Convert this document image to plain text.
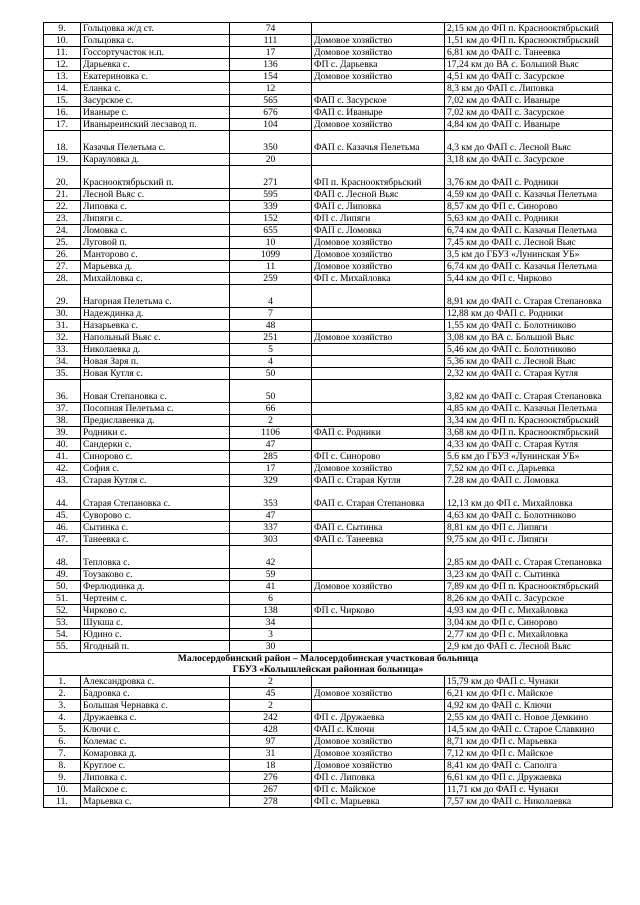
9.	Гольцовка ж/д ст.	74		2,15 км до ФП п. Краснооктябрьский
10.	Гольцовка с.	111	Домовое хозяйство	1,51 км до ФП п. Краснооктябрьский
11.	Госсортучасток н.п.	17	Домовое хозяйство	6,81 км до ФАП с. Танеевка
12.	Дарьевка с.	136	ФП с. Дарьевка	17,24 км до ВА с. Большой Вьяс
13.	Екатериновка с.	154	Домовое хозяйство	4,51 км до ФАП с. Засурское
14.	Еланка с.	12		8,3 км до ФАП с. Липовка
15.	Засурское с.	565	ФАП с. Засурское	7,02 км до ФАП с. Иваныре
16.	Иваныре с.	676	ФАП с. Иваныре	7,02 км до ФАП с. Засурское
17.	Иваныреинский лесзавод п.	104	Домовое хозяйство	4,84 км до ФАП с. Иваныре
18.	Казачья Пелетьма с.	350	ФАП с. Казачья Пелетьма	4,3 км до ФАП с. Лесной Вьяс
19.	Карауловка д.	20		3,18 км до ФАП с. Засурское
20.	Краснооктябрьский п.	271	ФП п. Краснооктябрьский	3,76 км до ФАП с. Родники
21.	Лесной Вьяс с.	595	ФАП с. Лесной Вьяс	4,59 км до ФАП с. Казачья Пелетьма
22.	Липовка с.	339	ФАП с. Липовка	8,57 км до ФП с. Синорово
23.	Липяги с.	152	ФП с. Липяги	5,63 км до ФАП с. Родники
24.	Ломовка с.	655	ФАП с. Ломовка	6,74 км до ФАП с. Казачья Пелетьма
25.	Луговой п.	10	Домовое хозяйство	7,45 км до ФАП с. Лесной Вьяс
26.	Манторово с.	1099	Домовое хозяйство	3,5 км до ГБУЗ «Лунинская УБ»
27.	Марьевка д.	11	Домовое хозяйство	6,74 км до ФАП с. Казачья Пелетьма
28.	Михайловка с.	259	ФП с. Михайловка	5,44 км до ФП с. Чирково
29.	Нагорная Пелетьма с.	4		8,91 км до ФАП с. Старая Степановка
30.	Надеждинка д.	7		12,88 км до ФАП с. Родники
31.	Назарьевка с.	48		1,55 км до ФАП с. Болотниково
32.	Напольный Вьяс с.	251	Домовое хозяйство	3,08 км до ВА с. Большой Вьяс
33.	Николаевка д.	5		5,46 км до ФАП с. Болотниково
34.	Новая Заря п.	4		5,36 км до ФАП с. Лесной Вьяс
35.	Новая Кутля с.	50		2,32 км до ФАП с. Старая Кутля
36.	Новая Степановка с.	50		3,82 км до ФАП с. Старая Степановка
37.	Посопная Пелетьма с.	66		4,85 км до ФАП с. Казачья Пелетьма
38.	Предиславенка д.	2		3,34 км до ФП п. Краснооктябрьский
39.	Родники с.	1106	ФАП с. Родники	3,68 км до ФП п. Краснооктябрьский
40.	Сандерки с.	47		4,33 км до ФАП с. Старая Кутля
41.	Синорово с.	285	ФП с. Синорово	5.6 км до ГБУЗ «Лунинская УБ»
42.	София с.	17	Домовое хозяйство	7,52 км до ФП с. Дарьевка
43.	Старая Кутля с.	329	ФАП с. Старая Кутля	7.28 км до ФАП с. Ломовка
44.	Старая Степановка с.	353	ФАП с. Старая Степановка	12,13 км до ФП с. Михайловка
45.	Суворово с.	47		4,63 км до ФАП с. Болотниково
46.	Сытинка с.	337	ФАП с. Сытинка	8,81 км до ФП с. Липяги
47.	Танеевка с.	303	ФАП с. Танеевка	9,75 км до ФП с. Липяги
48.	Тепловка с.	42		2,85 км до ФАП с. Старая Степановка
49.	Тоузаково с.	59		3,23 км до ФАП с. Сытинка
50.	Ферлюдинка д.	41	Домовое хозяйство	7,89 км до ФП п. Краснооктябрьский
51.	Чертеим с.	6		8,26 км до ФАП с. Засурское
52.	Чирково с.	138	ФП с. Чирково	4,93 км до ФП с. Михайловка
53.	Шукша с.	34		3,04 км до ФП с. Синорово
54.	Юдино с.	3		2,77 км до ФП с. Михайловка
55.	Ягодный п.	30		2,9 км до ФАП с. Лесной Вьяс

Малосердобинский район – Малосердобинская участковая больница
ГБУЗ «Колышлейская районная больница»				

1.	Александровка с.	2		15,79 км до ФАП с. Чунаки
2.	Бадровка с.	45	Домовое хозяйство	6,21 км до ФП с. Майское
3.	Большая Чернавка с.	2		4,92 км до ФАП с. Ключи
4.	Дружаевка с.	242	ФП с. Дружаевка	2,55 км до ФАП с. Новое Демкино
5.	Ключи с.	428	ФАП с. Ключи	14,5 км до ФАП с. Старое Славкино
6.	Колемас с.	97	Домовое хозяйство	8,71 км до ФП с. Марьевка
7.	Комаровка д.	31	Домовое хозяйство	7,12 км до ФП с. Майское
8.	Круглое с.	18	Домовое хозяйство	8,41 км до ФАП с. Саполга
9.	Липовка с.	276	ФП с. Липовка	6,61 км до ФП с. Дружаевка
10.	Майское с.	267	ФП с. Майское	11,71 км до ФАП с. Чунаки
11.	Марьевка с.	278	ФП с. Марьевка	7,57 км до ФАП с. Николаевка
